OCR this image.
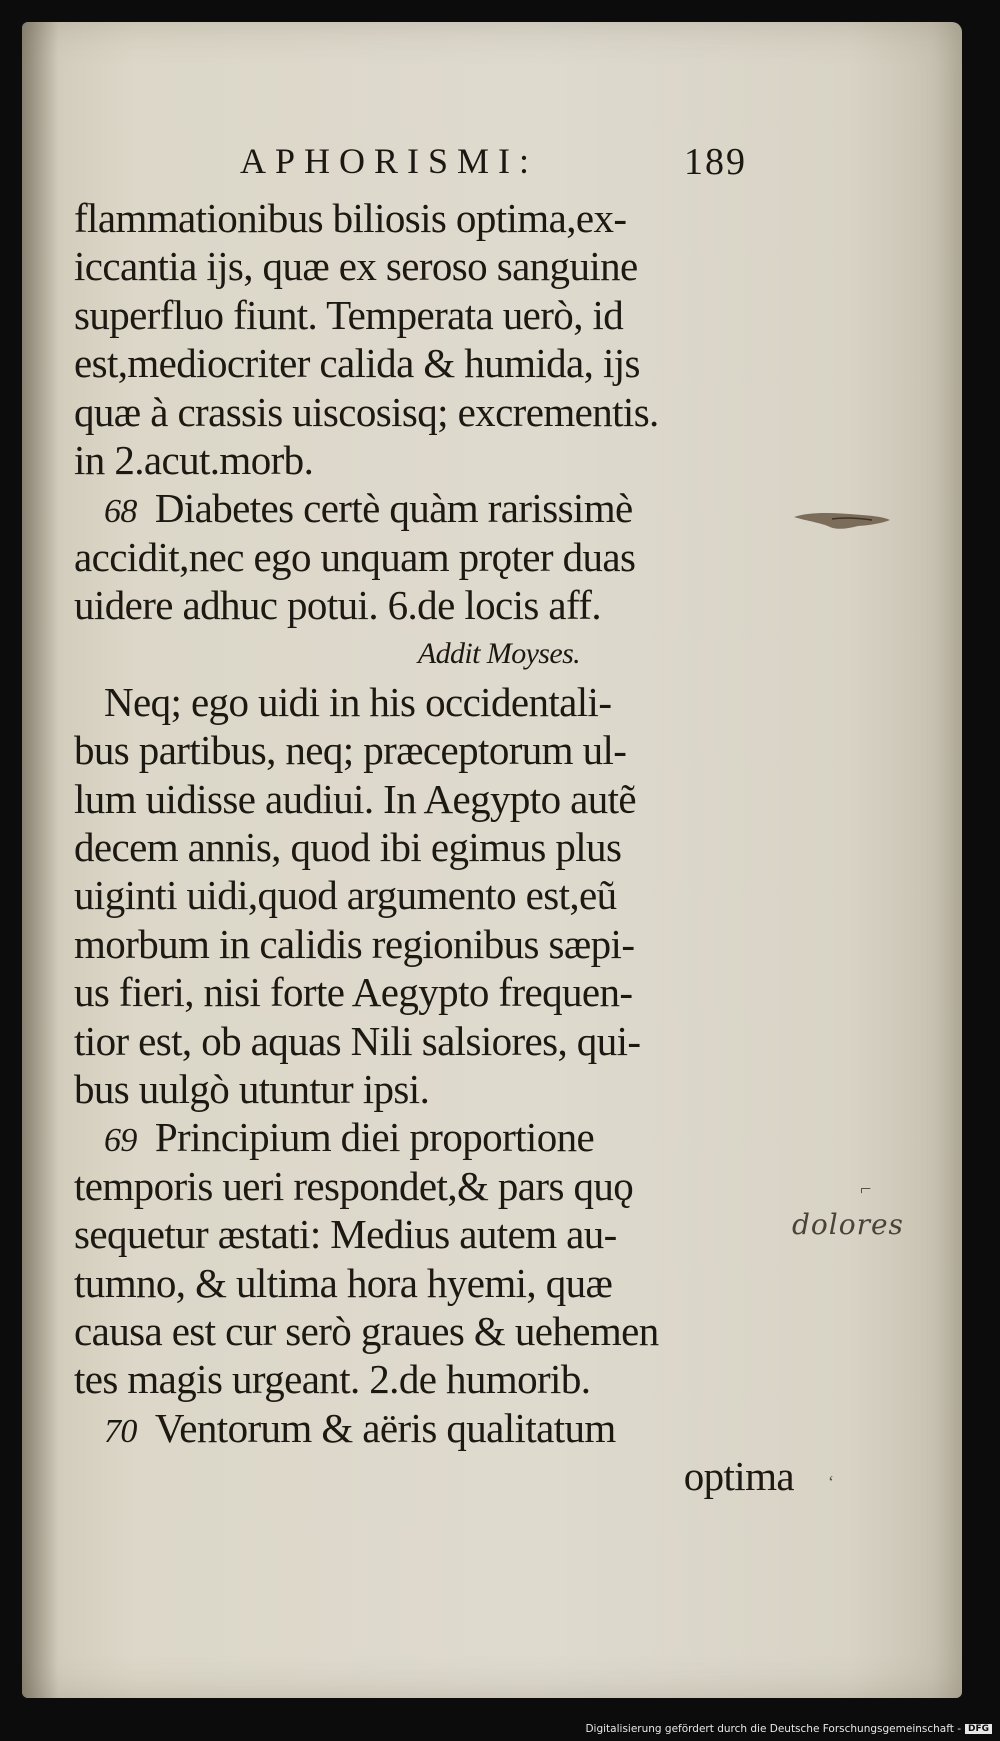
APHORISMI:	189
flammationibus biliosis optima,ex-
iccantia ijs, quæ ex seroso sanguine
superfluo fiunt. Temperata uerò, id
est,mediocriter calida & humida, ijs
quæ à crassis uiscosisq; excrementis.
in 2.acut.morb.
68 Diabetes certè quàm rarissimè
accidit,nec ego unquam prǫter duas
uidere adhuc potui. 6.de locis aff.
Addit Moyses.
Neq; ego uidi in his occidentali-
bus partibus, neq; præceptorum ul-
lum uidisse audiui. In Aegypto autẽ
decem annis, quod ibi egimus plus
uiginti uidi,quod argumento est,eũ
morbum in calidis regionibus sæpi-
us fieri, nisi forte Aegypto frequen-
tior est, ob aquas Nili salsiores, qui-
bus uulgò utuntur ipsi.
69 Principium diei proportione
temporis ueri respondet,& pars quǫ
sequetur æstati: Medius autem au-
tumno, & ultima hora hyemi, quæ
causa est cur serò graues & uehemen
tes magis urgeant. 2.de humorib.
70 Ventorum & aëris qualitatum
optima
⌐
dolores
ʻ
Digitalisierung gefördert durch die Deutsche Forschungsgemeinschaft - DFG
